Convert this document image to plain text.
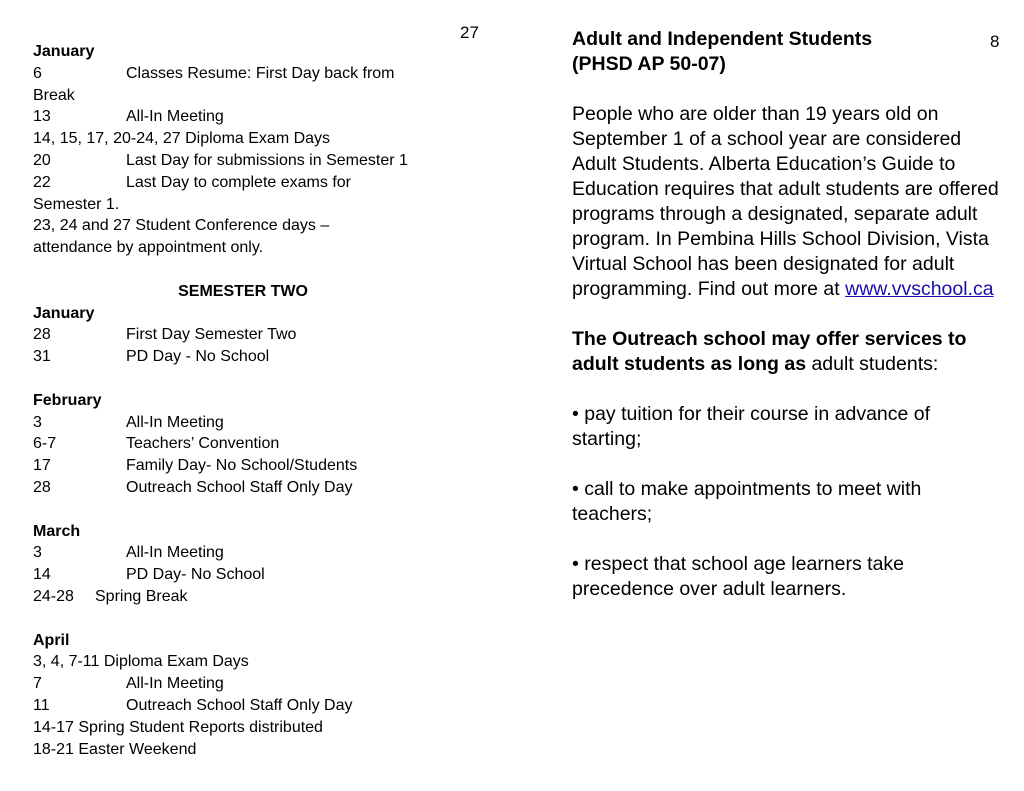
27
January
6	Classes Resume: First Day back from
Break
13	All-In Meeting
14, 15, 17, 20-24, 27 Diploma Exam Days
20	Last Day for submissions in Semester 1
22	Last Day to complete exams for
Semester 1.
23, 24 and 27 Student Conference days –
attendance by appointment only.
SEMESTER TWO
January
28	First Day Semester Two
31	PD Day - No School
February
3	All-In Meeting
6-7	Teachers’ Convention
17	Family Day- No School/Students
28	Outreach School Staff Only Day
March
3	All-In Meeting
14	PD Day- No School
24-28	Spring Break
April
3, 4, 7-11 Diploma Exam Days
7	All-In Meeting
11	Outreach School Staff Only Day
14-17 Spring Student Reports distributed
18-21 Easter Weekend
8
Adult and Independent Students
(PHSD AP 50-07)

People who are older than 19 years old on September 1 of a school year are considered Adult Students. Alberta Education’s Guide to Education requires that adult students are offered programs through a designated, separate adult program. In Pembina Hills School Division, Vista Virtual School has been designated for adult programming. Find out more at www.vvschool.ca

The Outreach school may offer services to adult students as long as adult students:

• pay tuition for their course in advance of starting;

• call to make appointments to meet with teachers;

• respect that school age learners take precedence over adult learners.
